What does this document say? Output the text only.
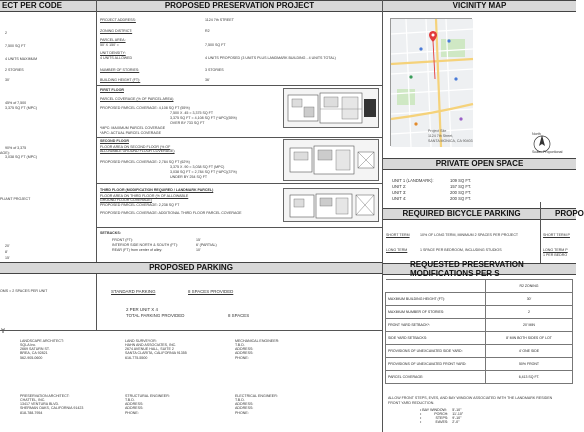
ECT PER CODE
2
7,500 SQ FT
4 UNITS MAXIMUM
2 STORIES
30'
45% of 7,500
3,375 SQ FT (MPC)
AGE):
90% of 3,375
3,038 SQ FT (MPC)
PLIANT PROJECT
20'
8'
15'
OMS = 2 SPACES PER UNIT
Y
PROPOSED PRESERVATION PROJECT
PROJECT ADDRESS:	1124 7th STREET
ZONING DISTRICT:	R2
PARCEL AREA:
50' X 150' =	7,500 SQ FT
UNIT DENSITY:
4 UNITS ALLOWED	4 UNITS PROPOSED (3 UNITS PLUS LANDMARK BUILDING - 4 UNITS TOTAL)
NUMBER OF STORIES:	3 STORIES
BUILDING HEIGHT (FT):	36'
FIRST FLOOR
PARCEL COVERAGE (% OF PARCEL AREA)
PROPOSED PARCEL COVERAGE: 4,108 SQ FT (55%)
7,500 X .45 = 3,375 SQ FT
3,375 SQ FT = 4,108 SQ FT (*APC)(55%)
OVER BY 733 SQ FT
*MPC: MAXIMUM PARCEL COVERAGE
*APC: ACTUAL PARCEL COVERAGE
SECOND FLOOR
FLOOR AREA ON SECOND FLOOR (% OF ALLOWABLE GROUND FLOOR COVERAGE)
PROPOSED PARCEL COVERAGE: 2,784 SQ FT (62%)
3,375 X .90 = 3,038 SQ FT (MPC)
3,038 SQ FT = 2,784 SQ FT (*APC)(37%)
UNDER BY 254 SQ FT
THIRD FLOOR (MODIFICATION REQUIRED / LANDMARK PARCEL)
FLOOR AREA ON THIRD FLOOR (% OF ALLOWABLE GROUND FLOOR COVERAGE)
PROPOSED PARCEL COVERAGE: 2,238 SQ FT
PROPOSED PARCEL COVERAGE: ADDITIONAL THIRD FLOOR PARCEL COVERAGE
SETBACKS:
FRONT (FT):	15'
INTERIOR SIDE NORTH & SOUTH (FT):	6' (PARTIAL)
REAR (FT) from center of alley:	10'
PROPOSED PARKING
STANDARD PARKING	8 SPACES PROVIDED
2 PER UNIT X 4
TOTAL PARKING PROVIDED	8 SPACES
LANDSCAPE ARCHITECT:
SQLA Inc.
2669 SATURN ST.
BREA, CA 92821
562-905-0600
LAND SURVEYOR:
HAHN AND ASSOCIATES, INC.
2674 AVENUE HALL, SUITE 2
SANTA CLARITA, CALIFORNIA 91355
616-775-5500
MECHANICAL ENGINEER:
T.B.D.
ADDRESS:
ADDRESS:
PHONE:
PRESERVATION ARCHITECT:
CHATTEL, INC.
13417 VENTURA BLVD.
SHERMAN OAKS, CALIFORNIA 91423
818-788-7954
STRUCTURAL ENGINEER:
T.B.D.
ADDRESS:
ADDRESS:
PHONE:
ELECTRICAL ENGINEER:
T.B.D.
ADDRESS:
ADDRESS:
PHONE:
VICINITY MAP
Project Site
1124 7th Street,
SANTA MONICA, CA 90403
North
Scale: Proportional
PRIVATE OPEN SPACE
UNIT 1 (LANDMARK):	109 SQ FT.
UNIT 2:	157 SQ FT.
UNIT 3:	200 SQ FT.
UNIT 4:	200 SQ FT.
REQUIRED BICYCLE PARKING	PROPO
SHORT TERM	10% OF LONG TERM, MINIMUM 2 SPACES PER PROJECT
LONG TERM	1 SPACE PER BEDROOM, INCLUDING STUDIOS
SHORT TERM P
LONG TERM P
1 PER BEDRO
REQUESTED PRESERVATION MODIFICATIONS PER S
	R2 ZONING
MAXIMUM BUILDING HEIGHT (FT):	30'
MAXIMUM NUMBER OF STORIES:	2
FRONT YARD SETBACK*:	20' MIN
SIDE YARD SETBACKS:	8' MIN BOTH SIDES OF LOT
PROVISIONS OF UNEXCAVATED SIDE YARD:	4' ONE SIDE
PROVISIONS OF UNEXCAVATED FRONT YARD:	50% FRONT
PARCEL COVERAGE:	6,413 SQ FT.
ALLOW FRONT STEPS, EVES, AND BAY WINDOW ASSOCIATED WITH THE LANDMARK RESIDEN
FRONT YARD REDUCTION.
• BAY WINDOW: 5'-10"
•	PORCH: 11'-10"
•	STEPS: 9'-10"
•	EAVES: 2'-0"
